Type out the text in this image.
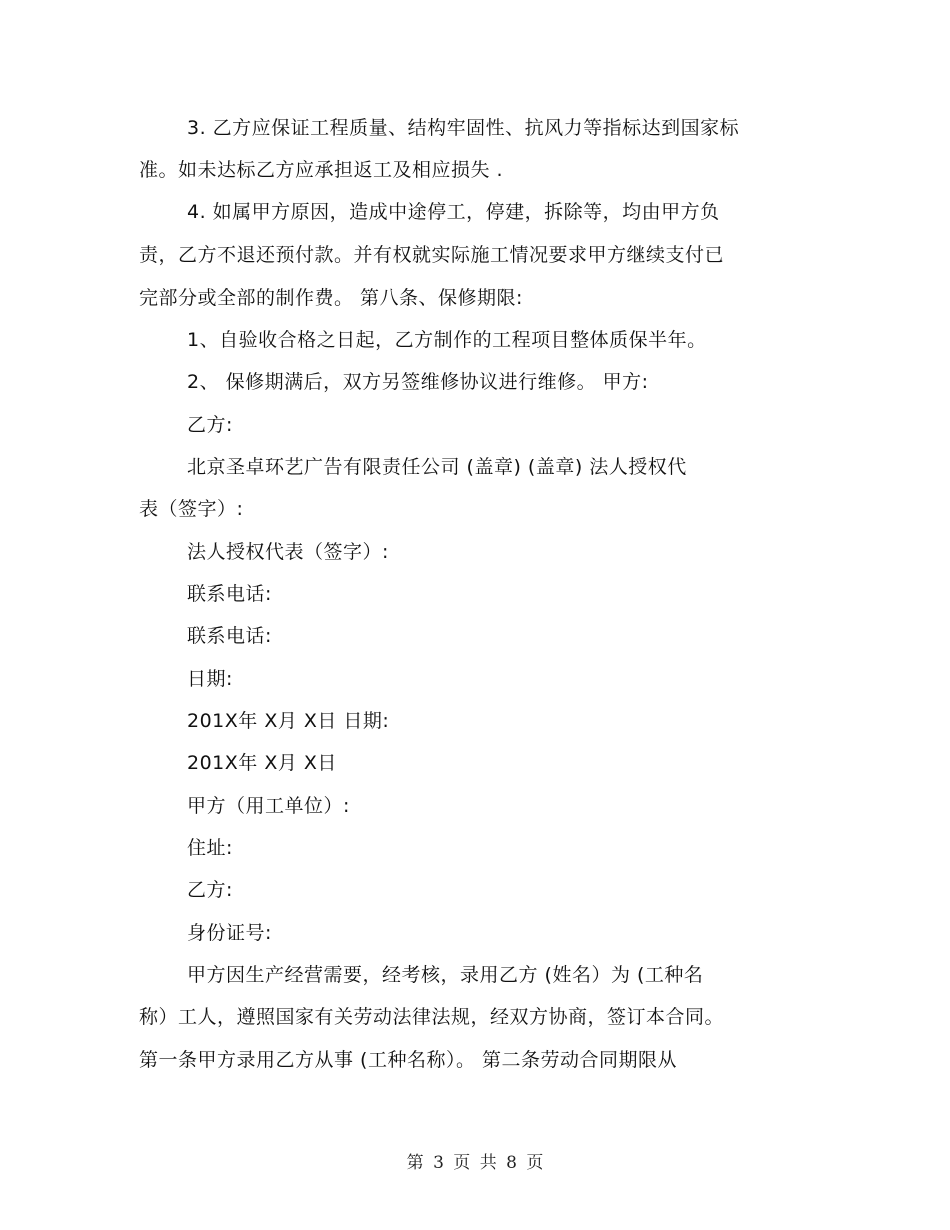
3. 乙方应保证工程质量、结构牢固性、抗风力等指标达到国家标
准。如未达标乙方应承担返工及相应损失 .
4. 如属甲方原因，造成中途停工，停建，拆除等，均由甲方负
责，乙方不退还预付款。并有权就实际施工情况要求甲方继续支付已
完部分或全部的制作费。 第八条、保修期限:
1、自验收合格之日起，乙方制作的工程项目整体质保半年。
2、 保修期满后，双方另签维修协议进行维修。 甲方:
乙方:
北京圣卓环艺广告有限责任公司 (盖章) (盖章) 法人授权代
表（签字）:
法人授权代表（签字）:
联系电话:
联系电话:
日期:
201X年 X月 X日 日期:
201X年 X月 X日
甲方（用工单位）:
住址:
乙方:
身份证号:
甲方因生产经营需要，经考核，录用乙方 (姓名）为 (工种名
称）工人，遵照国家有关劳动法律法规，经双方协商，签订本合同。
第一条甲方录用乙方从事 (工种名称）。 第二条劳动合同期限从
第 3 页 共 8 页
